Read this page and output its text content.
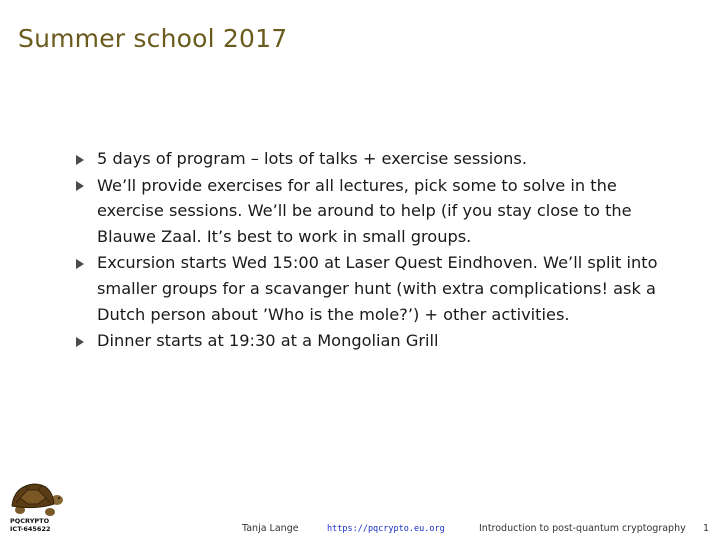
Summer school 2017
5 days of program – lots of talks + exercise sessions.
We’ll provide exercises for all lectures, pick some to solve in the exercise sessions. We’ll be around to help (if you stay close to the Blauwe Zaal. It’s best to work in small groups.
Excursion starts Wed 15:00 at Laser Quest Eindhoven. We’ll split into smaller groups for a scavanger hunt (with extra complications! ask a Dutch person about ’Who is the mole?’) + other activities.
Dinner starts at 19:30 at a Mongolian Grill
PQCRYPTO
ICT-645622	Tanja Lange	https://pqcrypto.eu.org	Introduction to post-quantum cryptography 1
